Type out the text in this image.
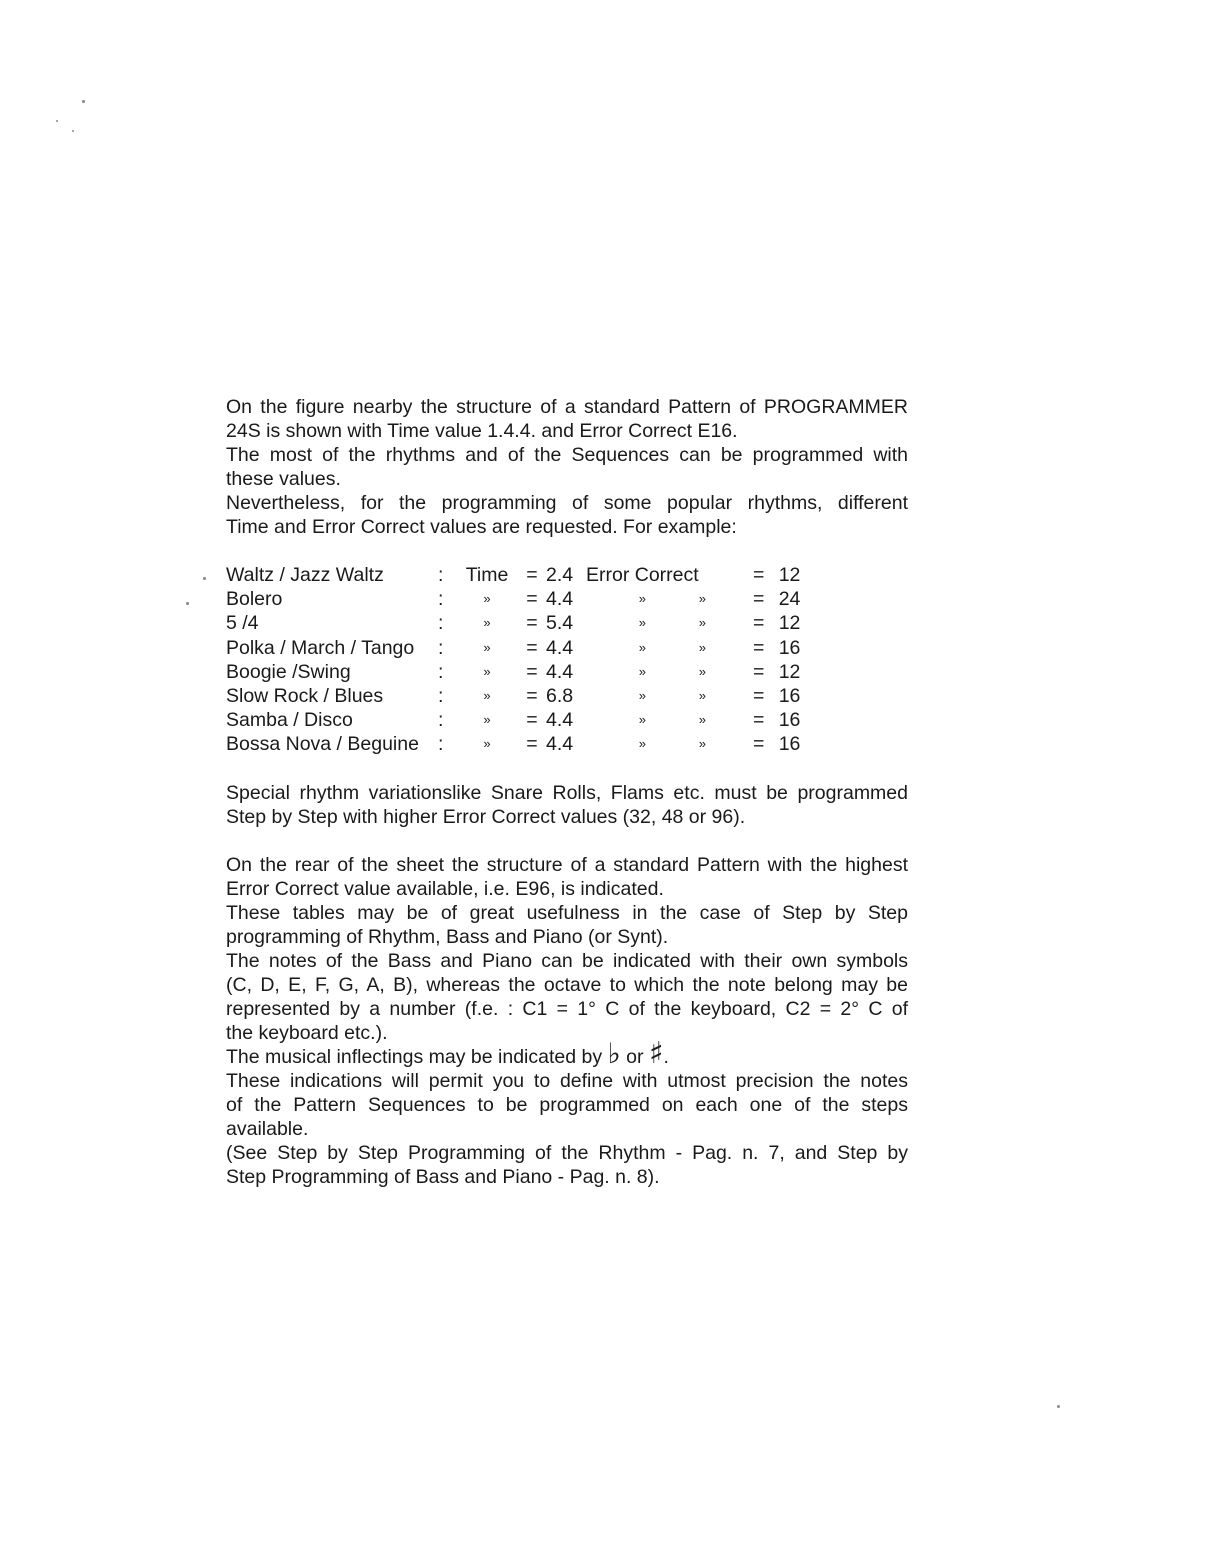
On the figure nearby the structure of a standard Pattern of PROGRAMMER
24S is shown with Time value 1.4.4. and Error Correct E16.
The most of the rhythms and of the Sequences can be programmed with
these values.
Nevertheless, for the programming of some popular rhythms, different
Time and Error Correct values are requested. For example:
Waltz / Jazz Waltz	:	Time	=	2.4	Error Correct		=	12
Bolero	:	»	=	4.4	»	»	=	24
5 /4	:	»	=	5.4	»	»	=	12
Polka / March / Tango	:	»	=	4.4	»	»	=	16
Boogie /Swing	:	»	=	4.4	»	»	=	12
Slow Rock / Blues	:	»	=	6.8	»	»	=	16
Samba / Disco	:	»	=	4.4	»	»	=	16
Bossa Nova / Beguine	:	»	=	4.4	»	»	=	16
Special rhythm variationslike Snare Rolls, Flams etc. must be programmed
Step by Step with higher Error Correct values (32, 48 or 96).
On the rear of the sheet the structure of a standard Pattern with the highest
Error Correct value available, i.e. E96, is indicated.
These tables may be of great usefulness in the case of Step by Step
programming of Rhythm, Bass and Piano (or Synt).
The notes of the Bass and Piano can be indicated with their own symbols
(C, D, E, F, G, A, B), whereas the octave to which the note belong may be
represented by a number (f.e. : C1 = 1° C of the keyboard, C2 = 2° C of
the keyboard etc.).
The musical inflectings may be indicated by ♭ or ♯.
These indications will permit you to define with utmost precision the notes
of the Pattern Sequences to be programmed on each one of the steps
available.
(See Step by Step Programming of the Rhythm - Pag. n. 7, and Step by
Step Programming of Bass and Piano - Pag. n. 8).
